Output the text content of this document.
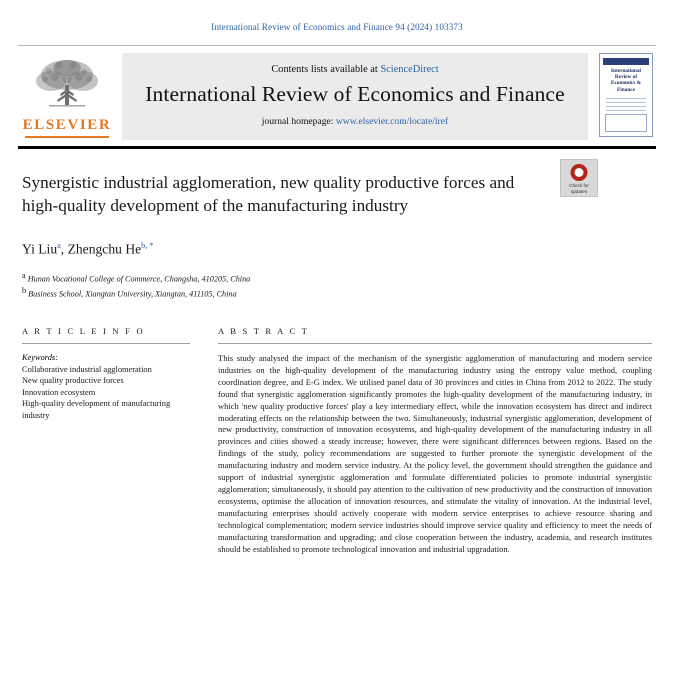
International Review of Economics and Finance 94 (2024) 103373
ELSEVIER
Contents lists available at ScienceDirect
International Review of Economics and Finance
journal homepage: www.elsevier.com/locate/iref
International Review of Economics & Finance
Synergistic industrial agglomeration, new quality productive forces and high-quality development of the manufacturing industry
Check for updates
Yi Liu$^a$, Zhengchu $He^{b, *}$
$^a$ Hunan Vocational College of Commerce, Changsha, 410205, China
$^b$ Business School, Xiangtan University, Xiangtan, 411105, China
A R T I C L E I N F O
Keywords:
Collaborative industrial agglomeration
New quality productive forces
Innovation ecosystem
High-quality development of manufacturing industry
A B S T R A C T
This study analysed the impact of the mechanism of the synergistic agglomeration of manufacturing and modern service industries on the high-quality development of the manufacturing industry using the entropy value method, coupling coordination degree, and E-G index. We utilised panel data of 30 provinces and cities in China from 2012 to 2022. The study found that synergistic agglomeration significantly promotes the high-quality development of the manufacturing industry, in which 'new quality productive forces' play a key intermediary effect, while the innovation ecosystem has direct and indirect moderating effects on the relationship between the two. Simultaneously, industrial synergistic agglomeration, development of new productivity, construction of innovation ecosystems, and high-quality development of the manufacturing industry in all provinces and cities showed a steady increase; however, there were significant differences between regions. Based on the findings of the study, policy recommendations are suggested to further promote the synergistic development of the manufacturing industry and modern service industry. At the policy level, the government should strengthen the guidance and support of industrial synergistic agglomeration and formulate differentiated policies to promote industrial synergistic agglomeration; simultaneously, it should pay attention to the cultivation of new productivity and the construction of innovation ecosystems, optimise the allocation of innovation resources, and stimulate the vitality of innovation. At the industrial level, manufacturing enterprises should actively cooperate with modern service enterprises to achieve resource sharing and technological complementation; modern service industries should improve service quality and efficiency to meet the needs of manufacturing transformation and upgrading; and close cooperation between the industry, academia, and research institutes should be established to promote technological innovation and industrial upgradation.
